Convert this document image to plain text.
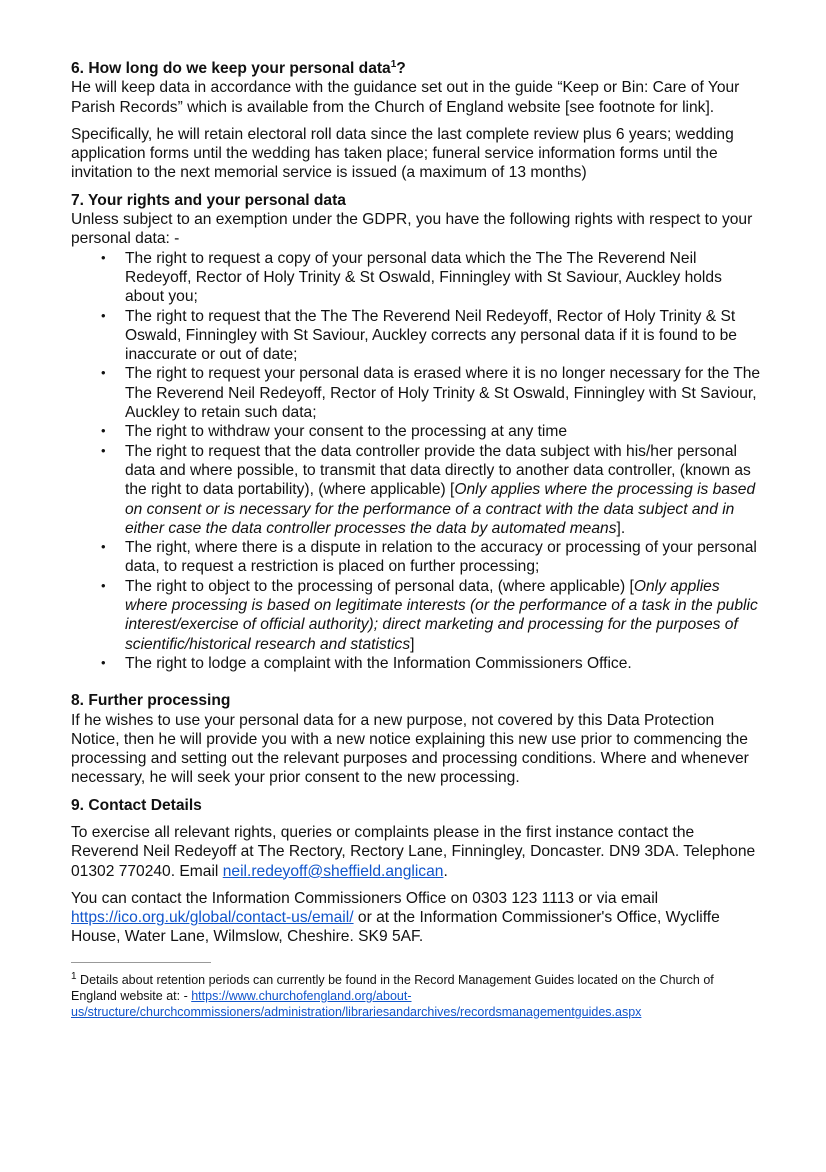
6. How long do we keep your personal data$^1$?

He will keep data in accordance with the guidance set out in the guide “Keep or Bin: Care of Your Parish Records” which is available from the Church of England website [see footnote for link].

Specifically, he will retain electoral roll data since the last complete review plus 6 years; wedding application forms until the wedding has taken place; funeral service information forms until the invitation to the next memorial service is issued (a maximum of 13 months)

7. Your rights and your personal data

Unless subject to an exemption under the GDPR, you have the following rights with respect to your personal data: -

• The right to request a copy of your personal data which the The The Reverend Neil Redeyoff, Rector of Holy Trinity & St Oswald, Finningley with St Saviour, Auckley holds about you;
• The right to request that the The The Reverend Neil Redeyoff, Rector of Holy Trinity & St Oswald, Finningley with St Saviour, Auckley corrects any personal data if it is found to be inaccurate or out of date;
• The right to request your personal data is erased where it is no longer necessary for the The The Reverend Neil Redeyoff, Rector of Holy Trinity & St Oswald, Finningley with St Saviour, Auckley to retain such data;
• The right to withdraw your consent to the processing at any time
• The right to request that the data controller provide the data subject with his/her personal data and where possible, to transmit that data directly to another data controller, (known as the right to data portability), (where applicable) [Only applies where the processing is based on consent or is necessary for the performance of a contract with the data subject and in either case the data controller processes the data by automated means].
• The right, where there is a dispute in relation to the accuracy or processing of your personal data, to request a restriction is placed on further processing;
• The right to object to the processing of personal data, (where applicable) [Only applies where processing is based on legitimate interests (or the performance of a task in the public interest/exercise of official authority); direct marketing and processing for the purposes of scientific/historical research and statistics]
• The right to lodge a complaint with the Information Commissioners Office.
8. Further processing

If he wishes to use your personal data for a new purpose, not covered by this Data Protection Notice, then he will provide you with a new notice explaining this new use prior to commencing the processing and setting out the relevant purposes and processing conditions. Where and whenever necessary, he will seek your prior consent to the new processing.

9. Contact Details

To exercise all relevant rights, queries or complaints please in the first instance contact the Reverend Neil Redeyoff at The Rectory, Rectory Lane, Finningley, Doncaster. DN9 3DA. Telephone 01302 770240. Email neil.redeyoff@sheffield.anglican.

You can contact the Information Commissioners Office on 0303 123 1113 or via email https://ico.org.uk/global/contact-us/email/ or at the Information Commissioner's Office, Wycliffe House, Water Lane, Wilmslow, Cheshire. SK9 5AF.

$^1$ Details about retention periods can currently be found in the Record Management Guides located on the Church of England website at: - https://www.churchofengland.org/about-us/structure/churchcommissioners/administration/librariesandarchives/recordsmanagementguides.aspx
